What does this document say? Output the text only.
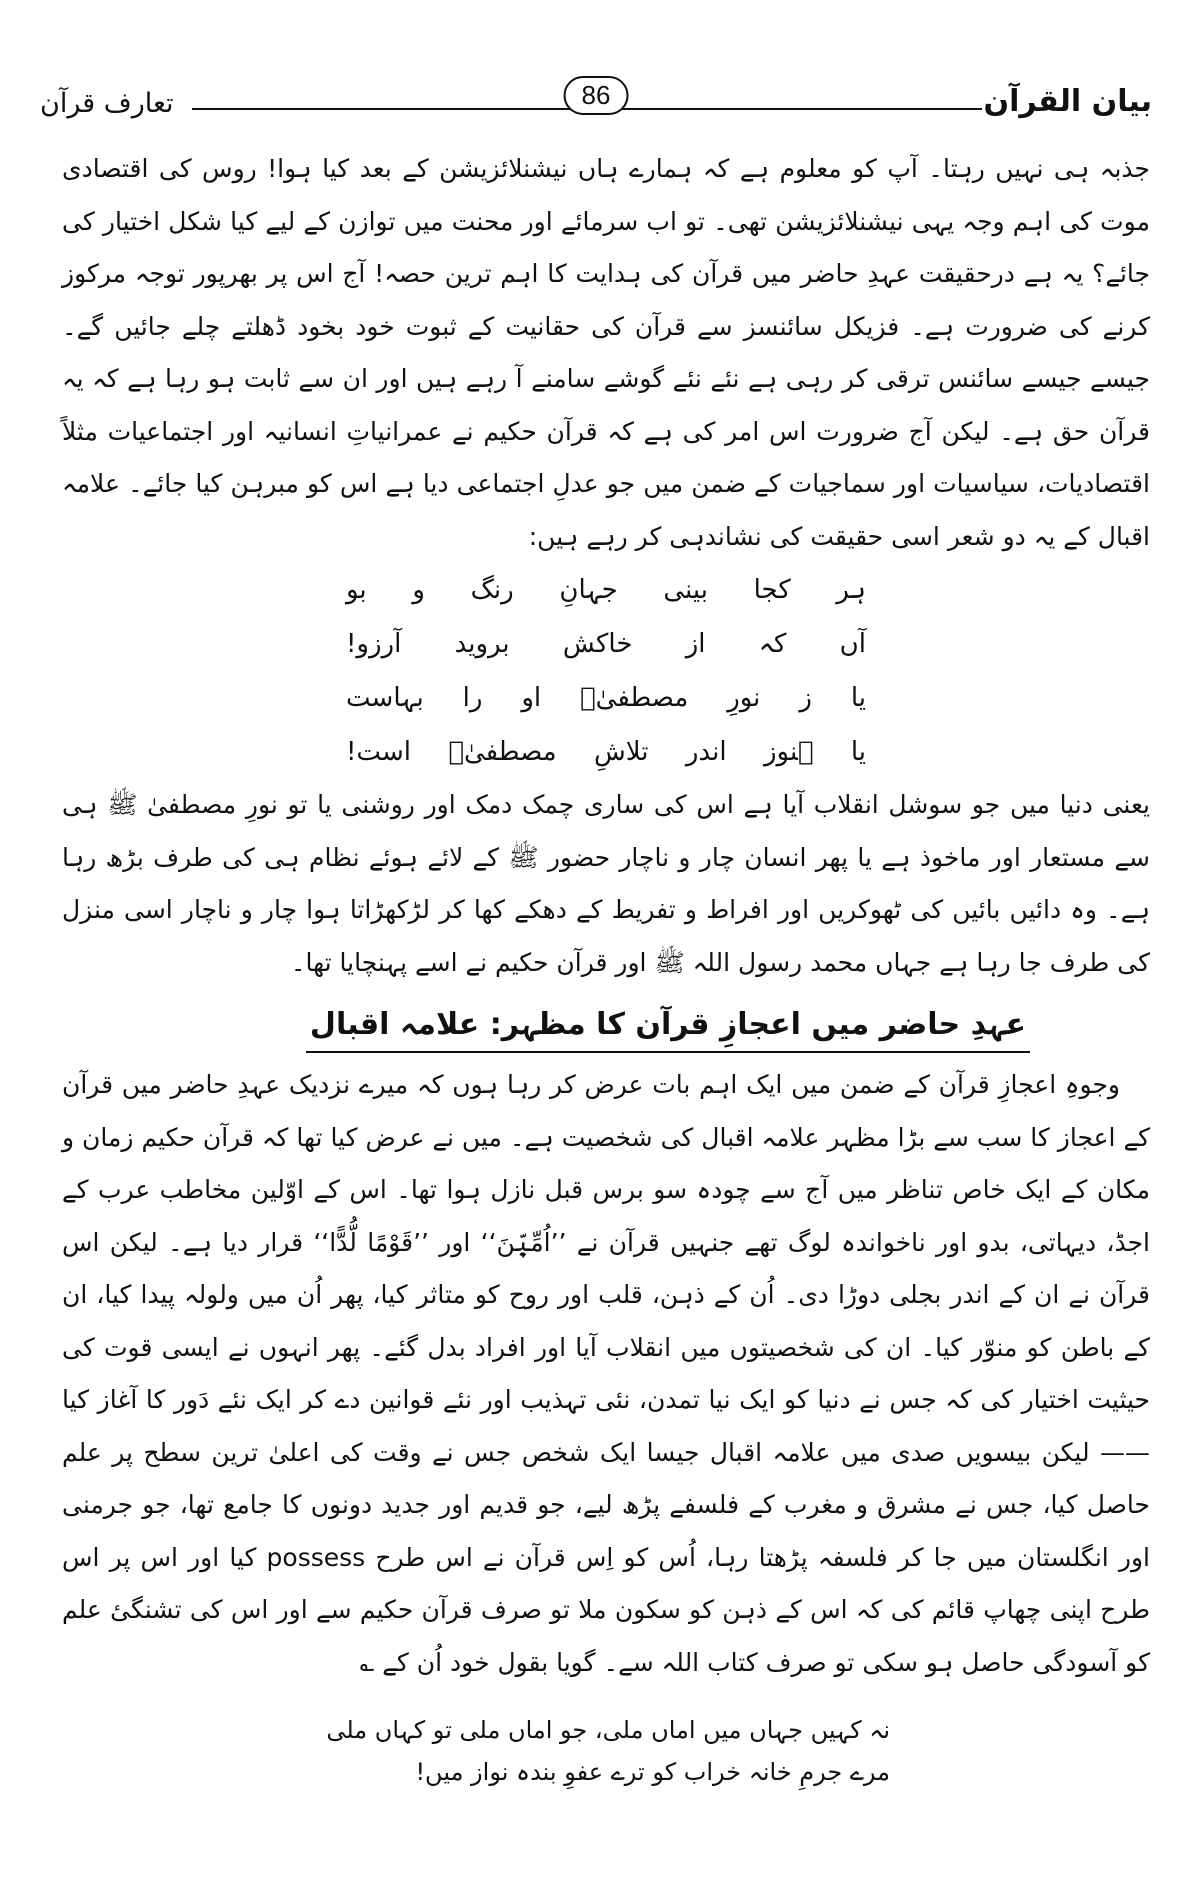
بیان القرآن
86
تعارف قرآن

جذبہ ہی نہیں رہتا۔ آپ کو معلوم ہے کہ ہمارے ہاں نیشنلائزیشن کے بعد کیا ہوا! روس کی اقتصادی موت کی اہم وجہ یہی نیشنلائزیشن تھی۔ تو اب سرمائے اور محنت میں توازن کے لیے کیا شکل اختیار کی جائے؟ یہ ہے درحقیقت عہدِ حاضر میں قرآن کی ہدایت کا اہم ترین حصہ! آج اس پر بھرپور توجہ مرکوز کرنے کی ضرورت ہے۔ فزیکل سائنسز سے قرآن کی حقانیت کے ثبوت خود بخود ڈھلتے چلے جائیں گے۔ جیسے جیسے سائنس ترقی کر رہی ہے نئے نئے گوشے سامنے آ رہے ہیں اور ان سے ثابت ہو رہا ہے کہ یہ قرآن حق ہے۔ لیکن آج ضرورت اس امر کی ہے کہ قرآن حکیم نے عمرانیاتِ انسانیہ اور اجتماعیات مثلاً اقتصادیات، سیاسیات اور سماجیات کے ضمن میں جو عدلِ اجتماعی دیا ہے اس کو مبرہن کیا جائے۔ علامہ اقبال کے یہ دو شعر اسی حقیقت کی نشاندہی کر رہے ہیں:

ہر کجا بینی جہانِ رنگ و بو
آں کہ از خاکش بروید آرزو!
یا ز نورِ مصطفیٰؐ او را بہاست
یا ہنوز اندر تلاشِ مصطفیٰؐ است!

یعنی دنیا میں جو سوشل انقلاب آیا ہے اس کی ساری چمک دمک اور روشنی یا تو نورِ مصطفیٰ ﷺ ہی سے مستعار اور ماخوذ ہے یا پھر انسان چار و ناچار حضور ﷺ کے لائے ہوئے نظام ہی کی طرف بڑھ رہا ہے۔ وہ دائیں بائیں کی ٹھوکریں اور افراط و تفریط کے دھکے کھا کر لڑکھڑاتا ہوا چار و ناچار اسی منزل کی طرف جا رہا ہے جہاں محمد رسول اللہ ﷺ اور قرآن حکیم نے اسے پہنچایا تھا۔

عہدِ حاضر میں اعجازِ قرآن کا مظہر: علامہ اقبال

وجوہِ اعجازِ قرآن کے ضمن میں ایک اہم بات عرض کر رہا ہوں کہ میرے نزدیک عہدِ حاضر میں قرآن کے اعجاز کا سب سے بڑا مظہر علامہ اقبال کی شخصیت ہے۔ میں نے عرض کیا تھا کہ قرآن حکیم زمان و مکان کے ایک خاص تناظر میں آج سے چودہ سو برس قبل نازل ہوا تھا۔ اس کے اوّلین مخاطب عرب کے اجڈ، دیہاتی، بدو اور ناخواندہ لوگ تھے جنہیں قرآن نے ’’اُمِّیّٖنَ‘‘ اور ’’قَوْمًا لُّدًّا‘‘ قرار دیا ہے۔ لیکن اس قرآن نے ان کے اندر بجلی دوڑا دی۔ اُن کے ذہن، قلب اور روح کو متاثر کیا، پھر اُن میں ولولہ پیدا کیا، ان کے باطن کو منوّر کیا۔ ان کی شخصیتوں میں انقلاب آیا اور افراد بدل گئے۔ پھر انہوں نے ایسی قوت کی حیثیت اختیار کی کہ جس نے دنیا کو ایک نیا تمدن، نئی تہذیب اور نئے قوانین دے کر ایک نئے دَور کا آغاز کیا —— لیکن بیسویں صدی میں علامہ اقبال جیسا ایک شخص جس نے وقت کی اعلیٰ ترین سطح پر علم حاصل کیا، جس نے مشرق و مغرب کے فلسفے پڑھ لیے، جو قدیم اور جدید دونوں کا جامع تھا، جو جرمنی اور انگلستان میں جا کر فلسفہ پڑھتا رہا، اُس کو اِس قرآن نے اس طرح possess کیا اور اس پر اس طرح اپنی چھاپ قائم کی کہ اس کے ذہن کو سکون ملا تو صرف قرآن حکیم سے اور اس کی تشنگیٔ علم کو آسودگی حاصل ہو سکی تو صرف کتاب اللہ سے۔ گویا بقول خود اُن کے ؎

نہ کہیں جہاں میں اماں ملی، جو اماں ملی تو کہاں ملی
مرے جرمِ خانہ خراب کو ترے عفوِ بندہ نواز میں!
